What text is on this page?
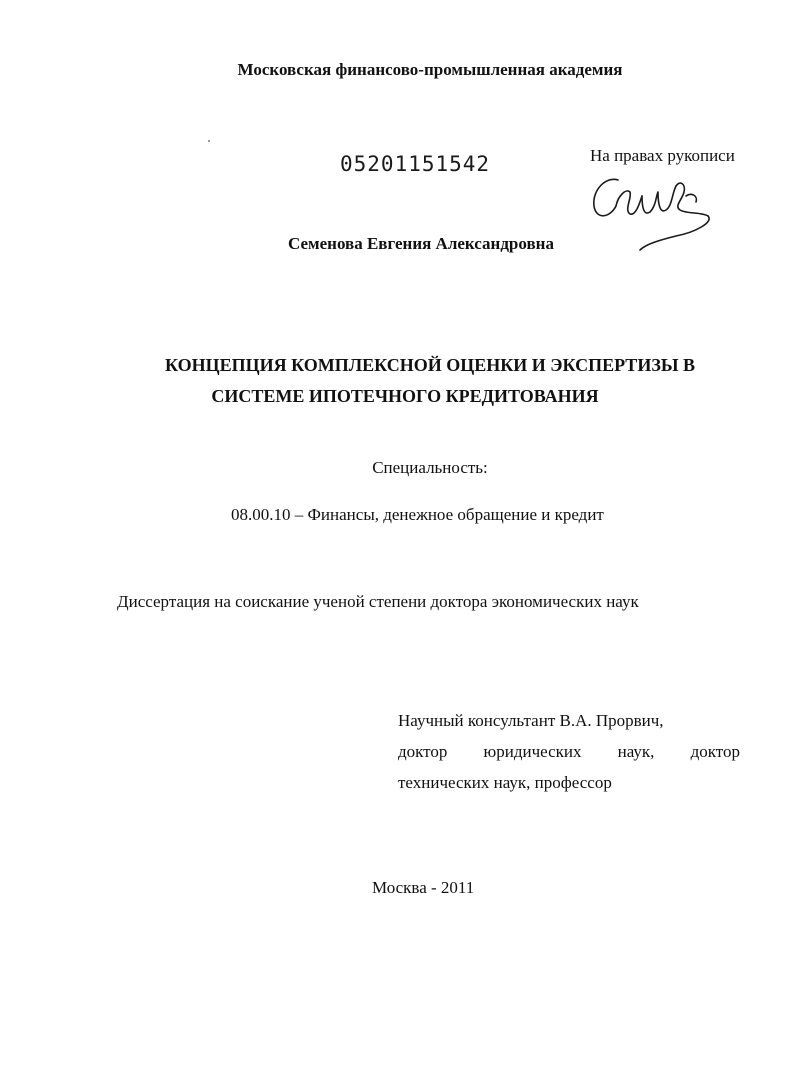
Московская финансово-промышленная академия
05201151542	На правах рукописи
Семенова Евгения Александровна
КОНЦЕПЦИЯ КОМПЛЕКСНОЙ ОЦЕНКИ И ЭКСПЕРТИЗЫ В
СИСТЕМЕ ИПОТЕЧНОГО КРЕДИТОВАНИЯ
Специальность:
08.00.10 – Финансы, денежное обращение и кредит
Диссертация на соискание ученой степени доктора экономических наук
Научный консультант В.А. Прорвич,
доктор юридических наук, доктор
технических наук, профессор
Москва - 2011
